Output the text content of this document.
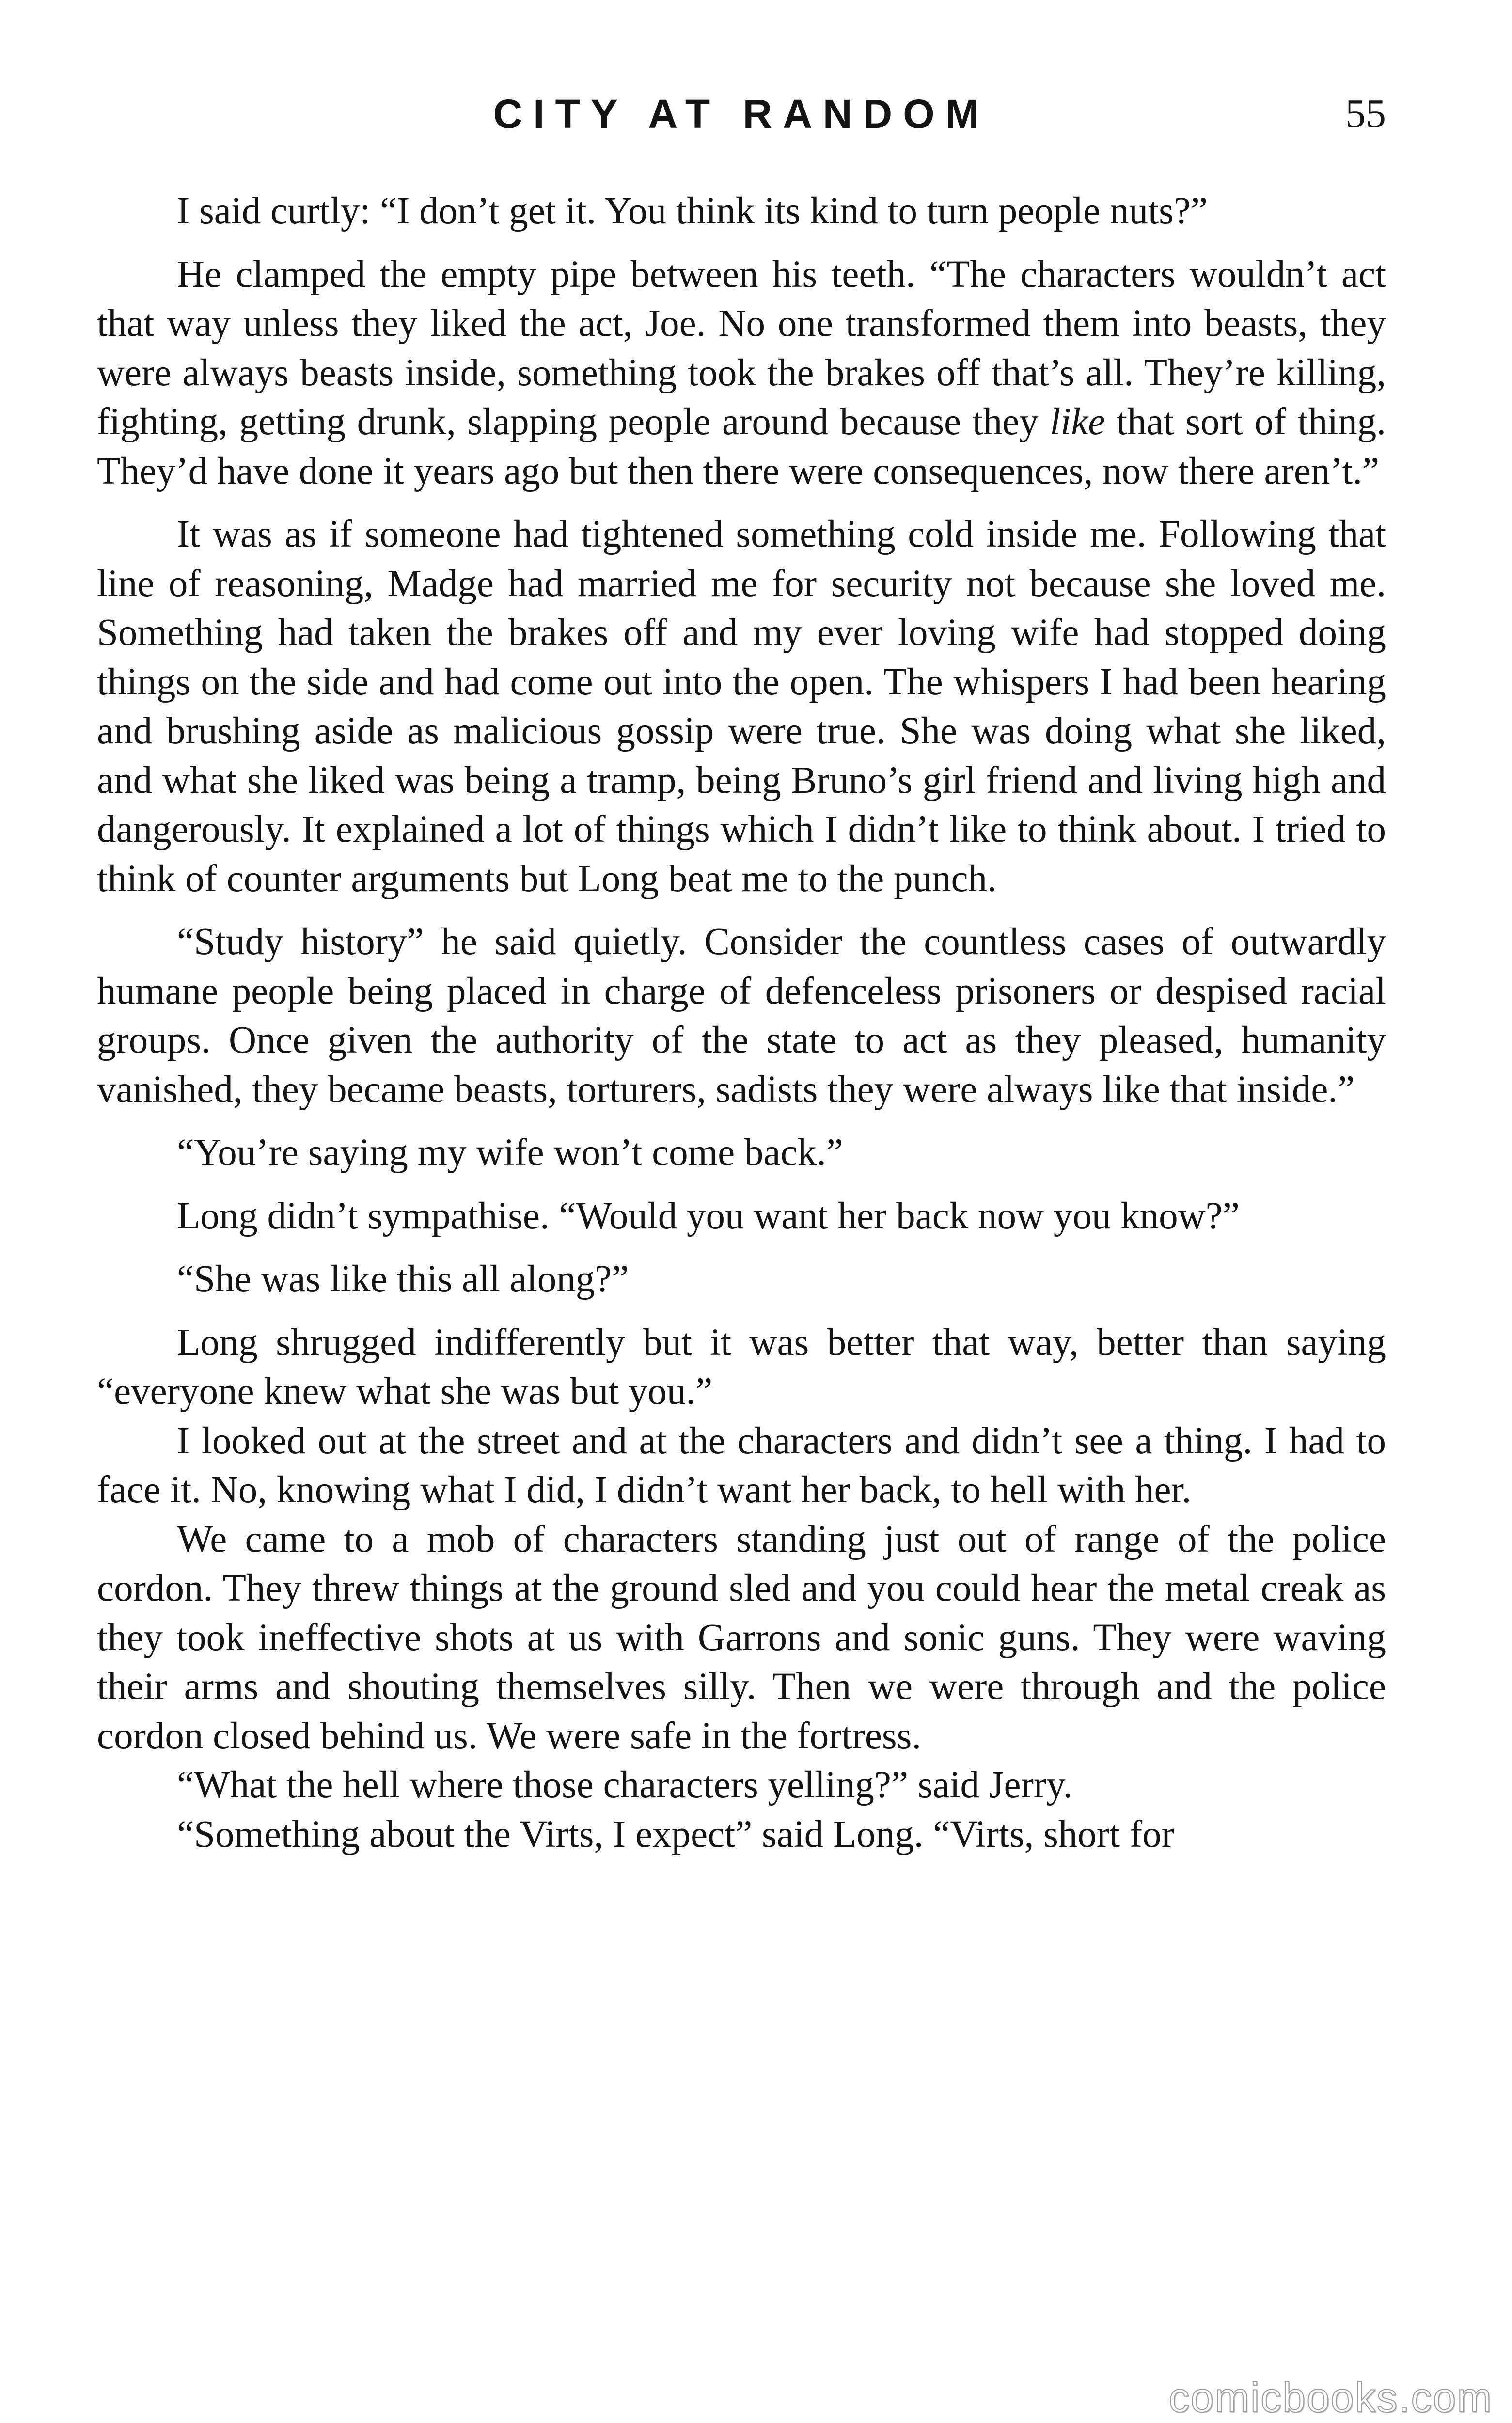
CITY AT RANDOM	55

I said curtly: “I don’t get it. You think its kind to turn people nuts?”

He clamped the empty pipe between his teeth. “The characters wouldn’t act that way unless they liked the act, Joe. No one transformed them into beasts, they were always beasts inside, something took the brakes off that’s all. They’re killing, fighting, getting drunk, slapping people around because they like that sort of thing. They’d have done it years ago but then there were consequences, now there aren’t.”

It was as if someone had tightened something cold inside me. Following that line of reasoning, Madge had married me for security not because she loved me. Something had taken the brakes off and my ever loving wife had stopped doing things on the side and had come out into the open. The whispers I had been hearing and brushing aside as malicious gossip were true. She was doing what she liked, and what she liked was being a tramp, being Bruno’s girl friend and living high and dangerously. It explained a lot of things which I didn’t like to think about. I tried to think of counter arguments but Long beat me to the punch.

“Study history” he said quietly. Consider the countless cases of outwardly humane people being placed in charge of defenceless prisoners or despised racial groups. Once given the authority of the state to act as they pleased, humanity vanished, they became beasts, torturers, sadists they were always like that inside.”

“You’re saying my wife won’t come back.”

Long didn’t sympathise. “Would you want her back now you know?”

“She was like this all along?”

Long shrugged indifferently but it was better that way, better than saying “everyone knew what she was but you.”

I looked out at the street and at the characters and didn’t see a thing. I had to face it. No, knowing what I did, I didn’t want her back, to hell with her.

We came to a mob of characters standing just out of range of the police cordon. They threw things at the ground sled and you could hear the metal creak as they took ineffective shots at us with Garrons and sonic guns. They were waving their arms and shouting themselves silly. Then we were through and the police cordon closed behind us. We were safe in the fortress.

“What the hell where those characters yelling?” said Jerry.

“Something about the Virts, I expect” said Long. “Virts, short for

comicbooks.com
